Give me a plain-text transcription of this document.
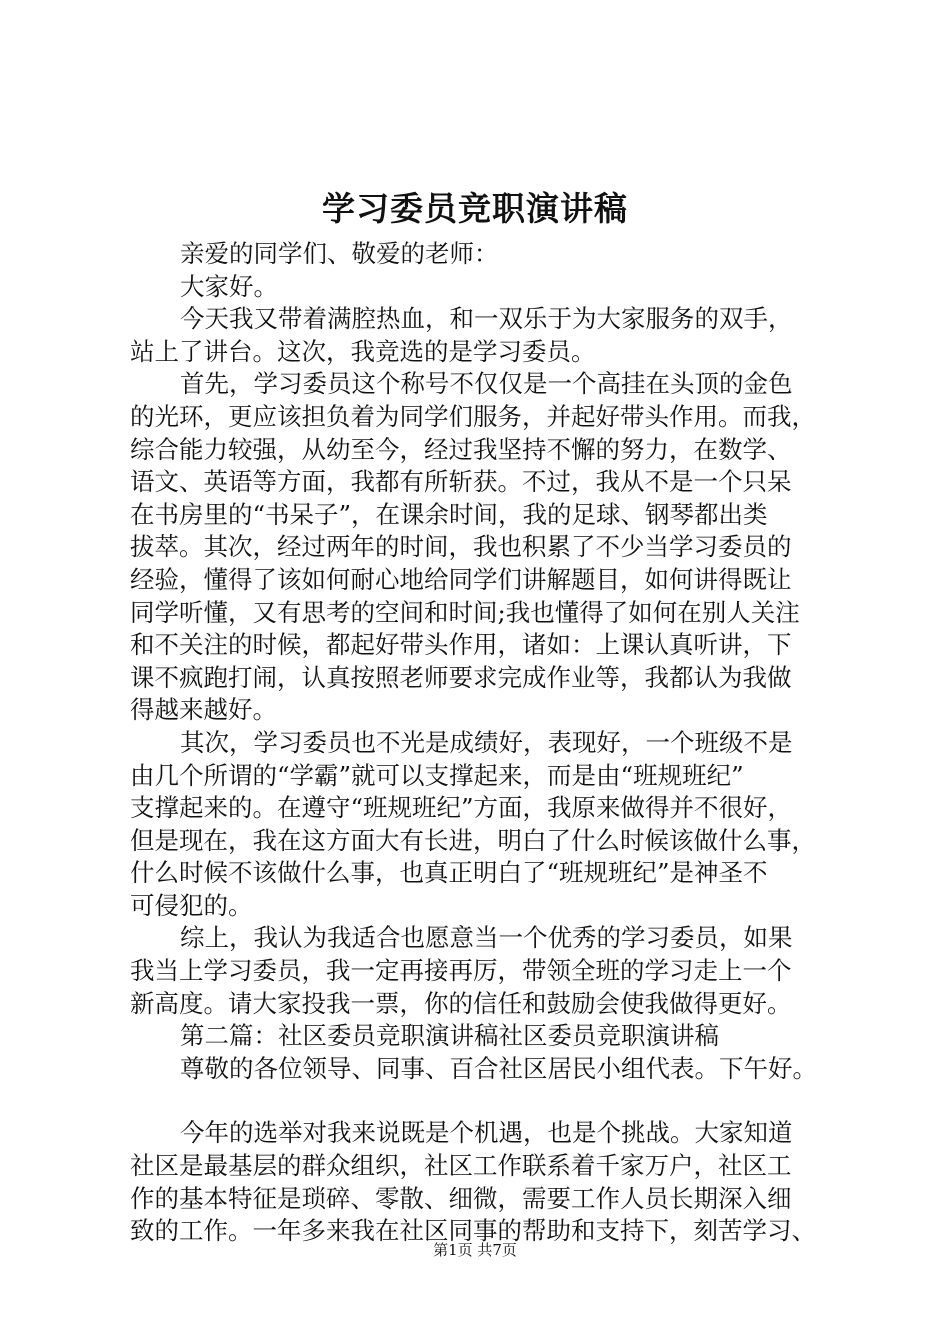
学习委员竞职演讲稿

亲爱的同学们、敬爱的老师：

大家好。

今天我又带着满腔热血，和一双乐于为大家服务的双手，
站上了讲台。这次，我竞选的是学习委员。

首先，学习委员这个称号不仅仅是一个高挂在头顶的金色
的光环，更应该担负着为同学们服务，并起好带头作用。而我，
综合能力较强，从幼至今，经过我坚持不懈的努力，在数学、
语文、英语等方面，我都有所斩获。不过，我从不是一个只呆
在书房里的“书呆子”，在课余时间，我的足球、钢琴都出类
拔萃。其次，经过两年的时间，我也积累了不少当学习委员的
经验，懂得了该如何耐心地给同学们讲解题目，如何讲得既让
同学听懂，又有思考的空间和时间;我也懂得了如何在别人关注
和不关注的时候，都起好带头作用，诸如：上课认真听讲，下
课不疯跑打闹，认真按照老师要求完成作业等，我都认为我做
得越来越好。

其次，学习委员也不光是成绩好，表现好，一个班级不是
由几个所谓的“学霸”就可以支撑起来，而是由“班规班纪”
支撑起来的。在遵守“班规班纪”方面，我原来做得并不很好，
但是现在，我在这方面大有长进，明白了什么时候该做什么事，
什么时候不该做什么事，也真正明白了“班规班纪”是神圣不
可侵犯的。

综上，我认为我适合也愿意当一个优秀的学习委员，如果
我当上学习委员，我一定再接再厉，带领全班的学习走上一个
新高度。请大家投我一票，你的信任和鼓励会使我做得更好。

第二篇：社区委员竞职演讲稿社区委员竞职演讲稿

尊敬的各位领导、同事、百合社区居民小组代表。下午好。

今年的选举对我来说既是个机遇，也是个挑战。大家知道
社区是最基层的群众组织，社区工作联系着千家万户，社区工
作的基本特征是琐碎、零散、细微，需要工作人员长期深入细
致的工作。一年多来我在社区同事的帮助和支持下，刻苦学习、

第1页 共7页
